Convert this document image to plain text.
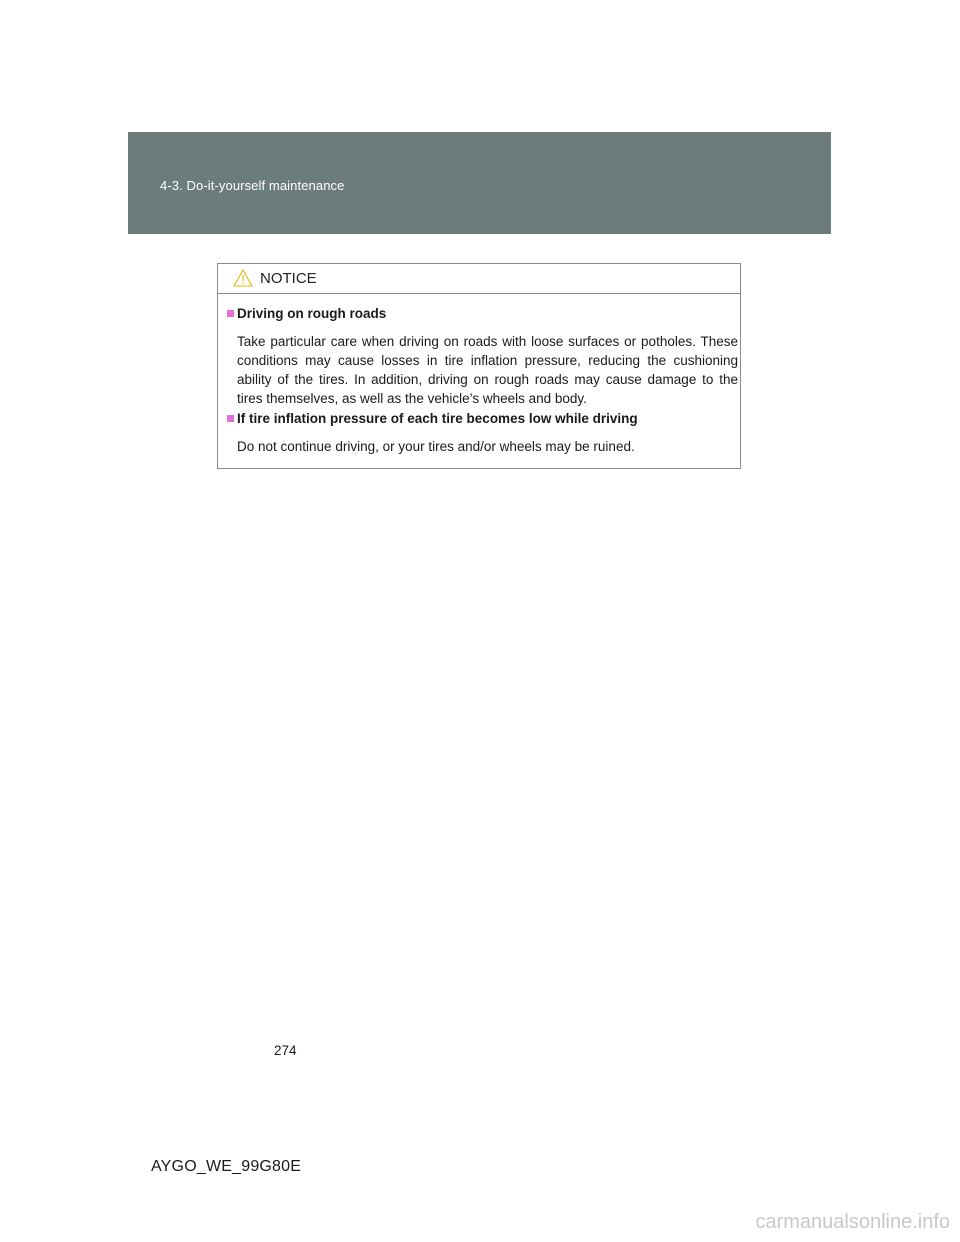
4-3. Do-it-yourself maintenance
NOTICE
Driving on rough roads
Take particular care when driving on roads with loose surfaces or potholes. These conditions may cause losses in tire inflation pressure, reducing the cushioning ability of the tires. In addition, driving on rough roads may cause damage to the tires themselves, as well as the vehicle’s wheels and body.
If tire inflation pressure of each tire becomes low while driving
Do not continue driving, or your tires and/or wheels may be ruined.
274
AYGO_WE_99G80E
carmanualsonline.info
